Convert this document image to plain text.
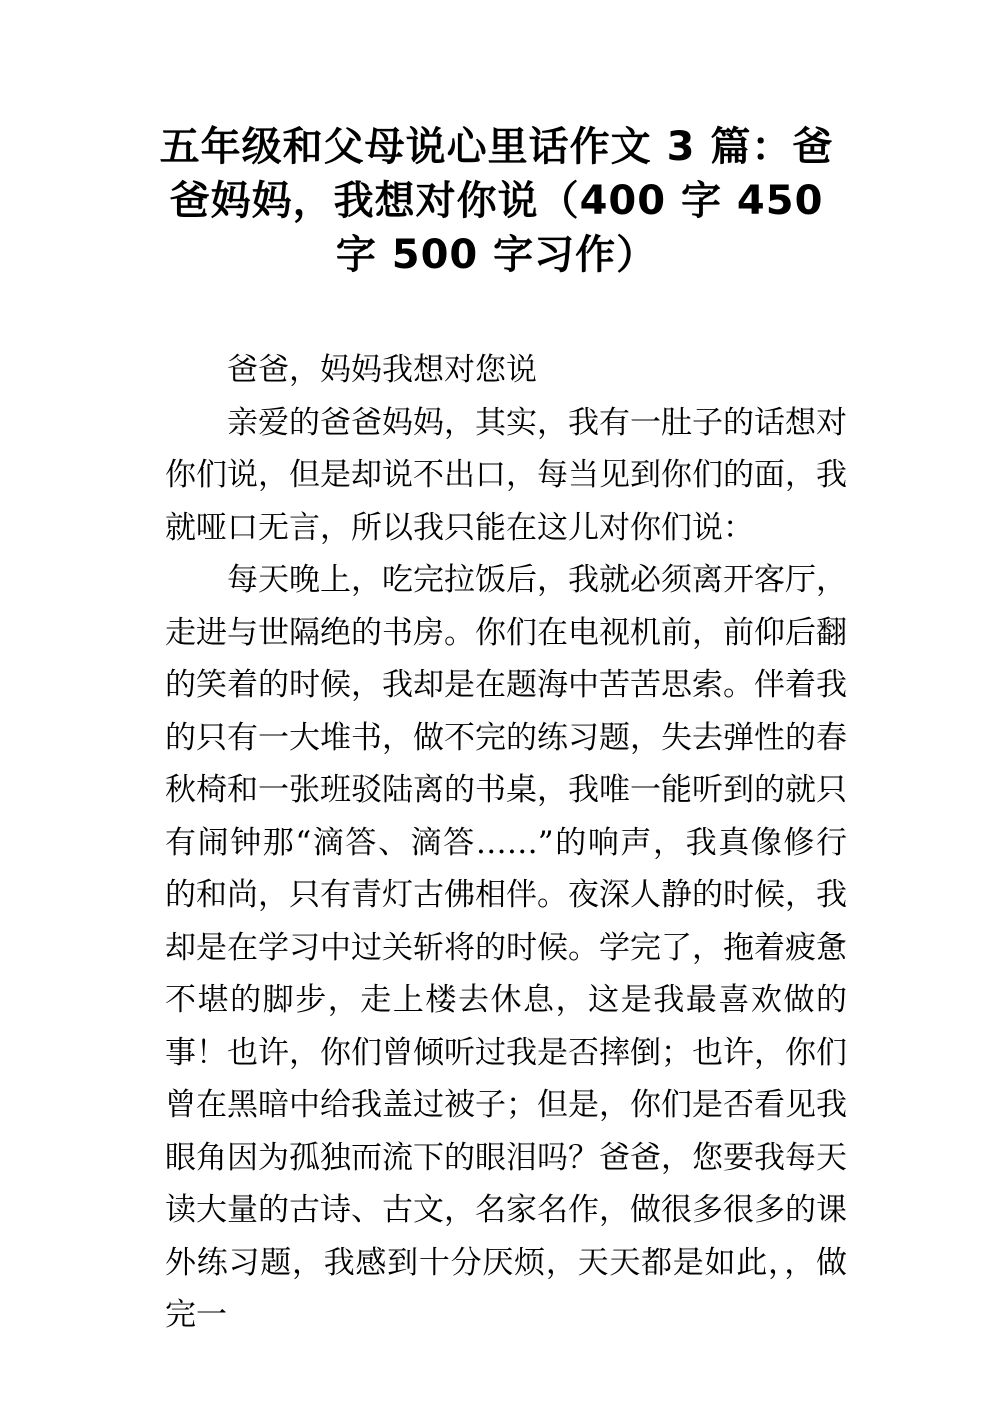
五年级和父母说心里话作文 3 篇：爸爸妈妈，我想对你说（400 字 450 字 500 字习作）

爸爸，妈妈我想对您说

亲爱的爸爸妈妈，其实，我有一肚子的话想对你们说，但是却说不出口，每当见到你们的面，我就哑口无言，所以我只能在这儿对你们说：

每天晚上，吃完拉饭后，我就必须离开客厅，走进与世隔绝的书房。你们在电视机前，前仰后翻的笑着的时候，我却是在题海中苦苦思索。伴着我的只有一大堆书，做不完的练习题，失去弹性的春秋椅和一张班驳陆离的书桌，我唯一能听到的就只有闹钟那“滴答、滴答……”的响声，我真像修行的和尚，只有青灯古佛相伴。夜深人静的时候，我却是在学习中过关斩将的时候。学完了，拖着疲惫不堪的脚步，走上楼去休息，这是我最喜欢做的事！也许，你们曾倾听过我是否摔倒；也许，你们曾在黑暗中给我盖过被子；但是，你们是否看见我眼角因为孤独而流下的眼泪吗？爸爸，您要我每天读大量的古诗、古文，名家名作，做很多很多的课外练习题，我感到十分厌烦，天天都是如此，，做完一
